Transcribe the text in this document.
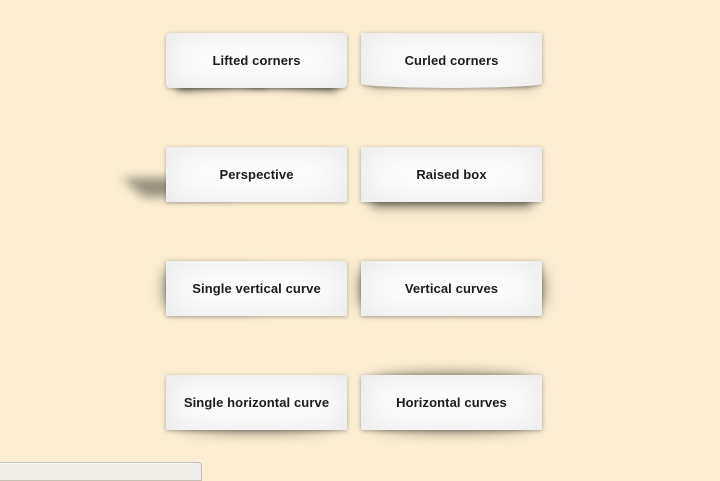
Lifted corners	Curled corners
Perspective	Raised box
Single vertical curve	Vertical curves
Single horizontal curve	Horizontal curves
